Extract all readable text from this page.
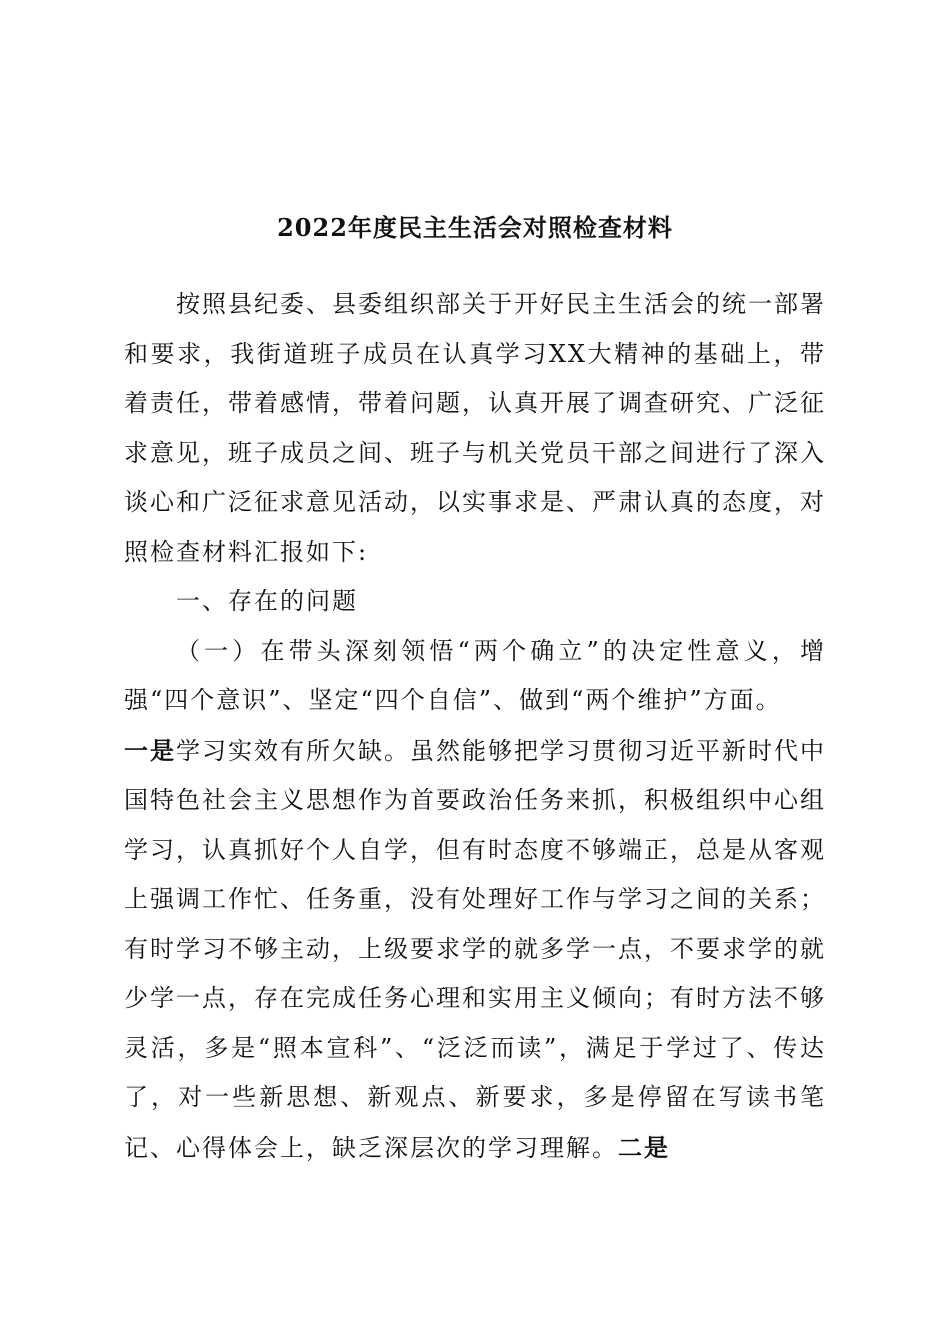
2022年度民主生活会对照检查材料

按照县纪委、县委组织部关于开好民主生活会的统一部署和要求，我街道班子成员在认真学习XX大精神的基础上，带着责任，带着感情，带着问题，认真开展了调查研究、广泛征求意见，班子成员之间、班子与机关党员干部之间进行了深入谈心和广泛征求意见活动，以实事求是、严肃认真的态度，对照检查材料汇报如下:

一、存在的问题

（一）在带头深刻领悟“两个确立”的决定性意义，增强“四个意识”、坚定“四个自信”、做到“两个维护”方面。

一是学习实效有所欠缺。虽然能够把学习贯彻习近平新时代中国特色社会主义思想作为首要政治任务来抓，积极组织中心组学习，认真抓好个人自学，但有时态度不够端正，总是从客观上强调工作忙、任务重，没有处理好工作与学习之间的关系；有时学习不够主动，上级要求学的就多学一点，不要求学的就少学一点，存在完成任务心理和实用主义倾向；有时方法不够灵活，多是“照本宣科”、“泛泛而读”，满足于学过了、传达了，对一些新思想、新观点、新要求，多是停留在写读书笔记、心得体会上，缺乏深层次的学习理解。二是
